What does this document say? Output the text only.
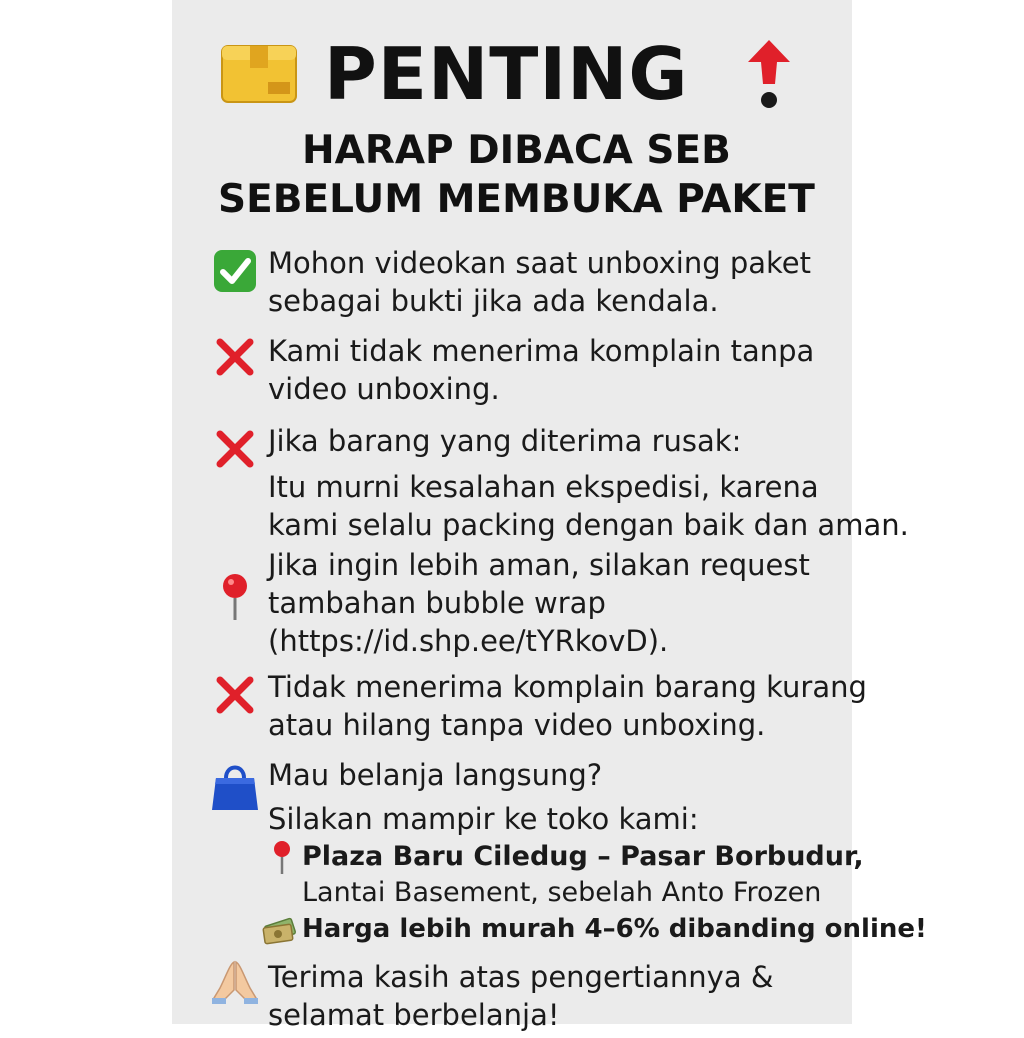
PENTING
HARAP DIBACA SEB
SEBELUM MEMBUKA PAKET
Mohon videokan saat unboxing paket
sebagai bukti jika ada kendala.
Kami tidak menerima komplain tanpa
video unboxing.
Jika barang yang diterima rusak:
Itu murni kesalahan ekspedisi, karena
kami selalu packing dengan baik dan aman.
Jika ingin lebih aman, silakan request
tambahan bubble wrap
(https://id.shp.ee/tYRkovD).
Tidak menerima komplain barang kurang
atau hilang tanpa video unboxing.
Mau belanja langsung?
Silakan mampir ke toko kami:
Plaza Baru Ciledug – Pasar Borbudur,
Lantai Basement, sebelah Anto Frozen
Harga lebih murah 4–6% dibanding online!
Terima kasih atas pengertiannya &
selamat berbelanja!
